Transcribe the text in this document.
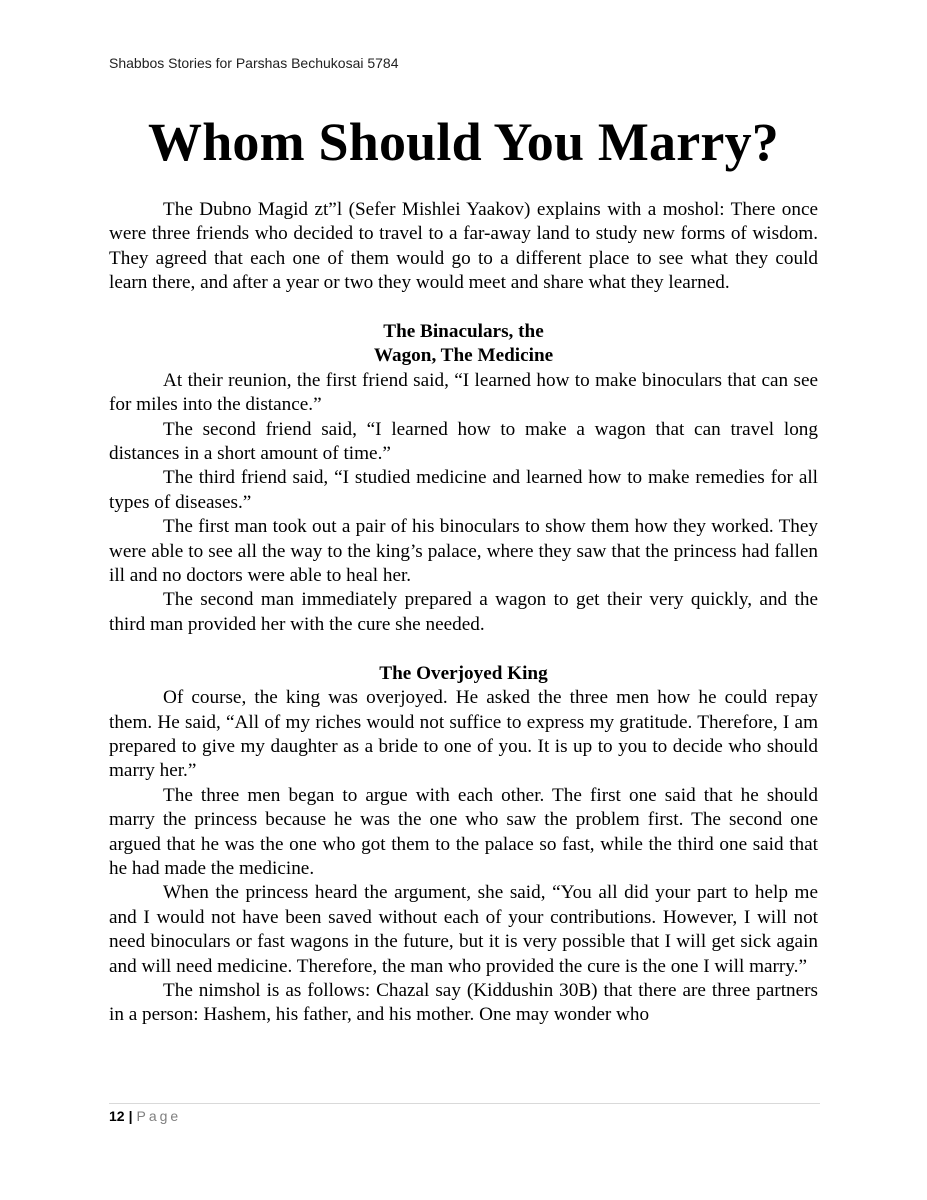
Shabbos Stories for Parshas Bechukosai 5784
Whom Should You Marry?

The Dubno Magid zt”l (Sefer Mishlei Yaakov) explains with a moshol: There once were three friends who decided to travel to a far-away land to study new forms of wisdom. They agreed that each one of them would go to a different place to see what they could learn there, and after a year or two they would meet and share what they learned.

The Binaculars, the
Wagon, The Medicine

At their reunion, the first friend said, “I learned how to make binoculars that can see for miles into the distance.”

The second friend said, “I learned how to make a wagon that can travel long distances in a short amount of time.”

The third friend said, “I studied medicine and learned how to make remedies for all types of diseases.”

The first man took out a pair of his binoculars to show them how they worked. They were able to see all the way to the king’s palace, where they saw that the princess had fallen ill and no doctors were able to heal her.

The second man immediately prepared a wagon to get their very quickly, and the third man provided her with the cure she needed.

The Overjoyed King

Of course, the king was overjoyed. He asked the three men how he could repay them. He said, “All of my riches would not suffice to express my gratitude. Therefore, I am prepared to give my daughter as a bride to one of you. It is up to you to decide who should marry her.”

The three men began to argue with each other. The first one said that he should marry the princess because he was the one who saw the problem first. The second one argued that he was the one who got them to the palace so fast, while the third one said that he had made the medicine.

When the princess heard the argument, she said, “You all did your part to help me and I would not have been saved without each of your contributions. However, I will not need binoculars or fast wagons in the future, but it is very possible that I will get sick again and will need medicine. Therefore, the man who provided the cure is the one I will marry.”

The nimshol is as follows: Chazal say (Kiddushin 30B) that there are three partners in a person: Hashem, his father, and his mother. One may wonder who

12 | Page
